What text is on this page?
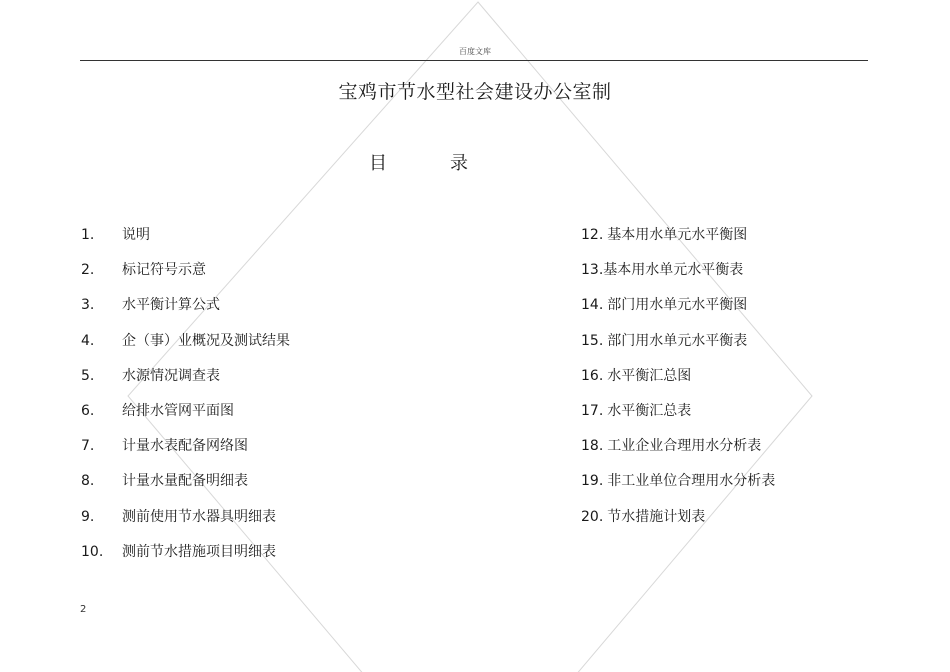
百度文库
宝鸡市节水型社会建设办公室制
目	录
1. 说明
2. 标记符号示意
3. 水平衡计算公式
4. 企（事）业概况及测试结果
5. 水源情况调查表
6. 给排水管网平面图
7. 计量水表配备网络图
8. 计量水量配备明细表
9. 测前使用节水器具明细表
10. 测前节水措施项目明细表
12. 基本用水单元水平衡图
13.基本用水单元水平衡表
14. 部门用水单元水平衡图
15. 部门用水单元水平衡表
16. 水平衡汇总图
17. 水平衡汇总表
18. 工业企业合理用水分析表
19. 非工业单位合理用水分析表
20. 节水措施计划表
2
